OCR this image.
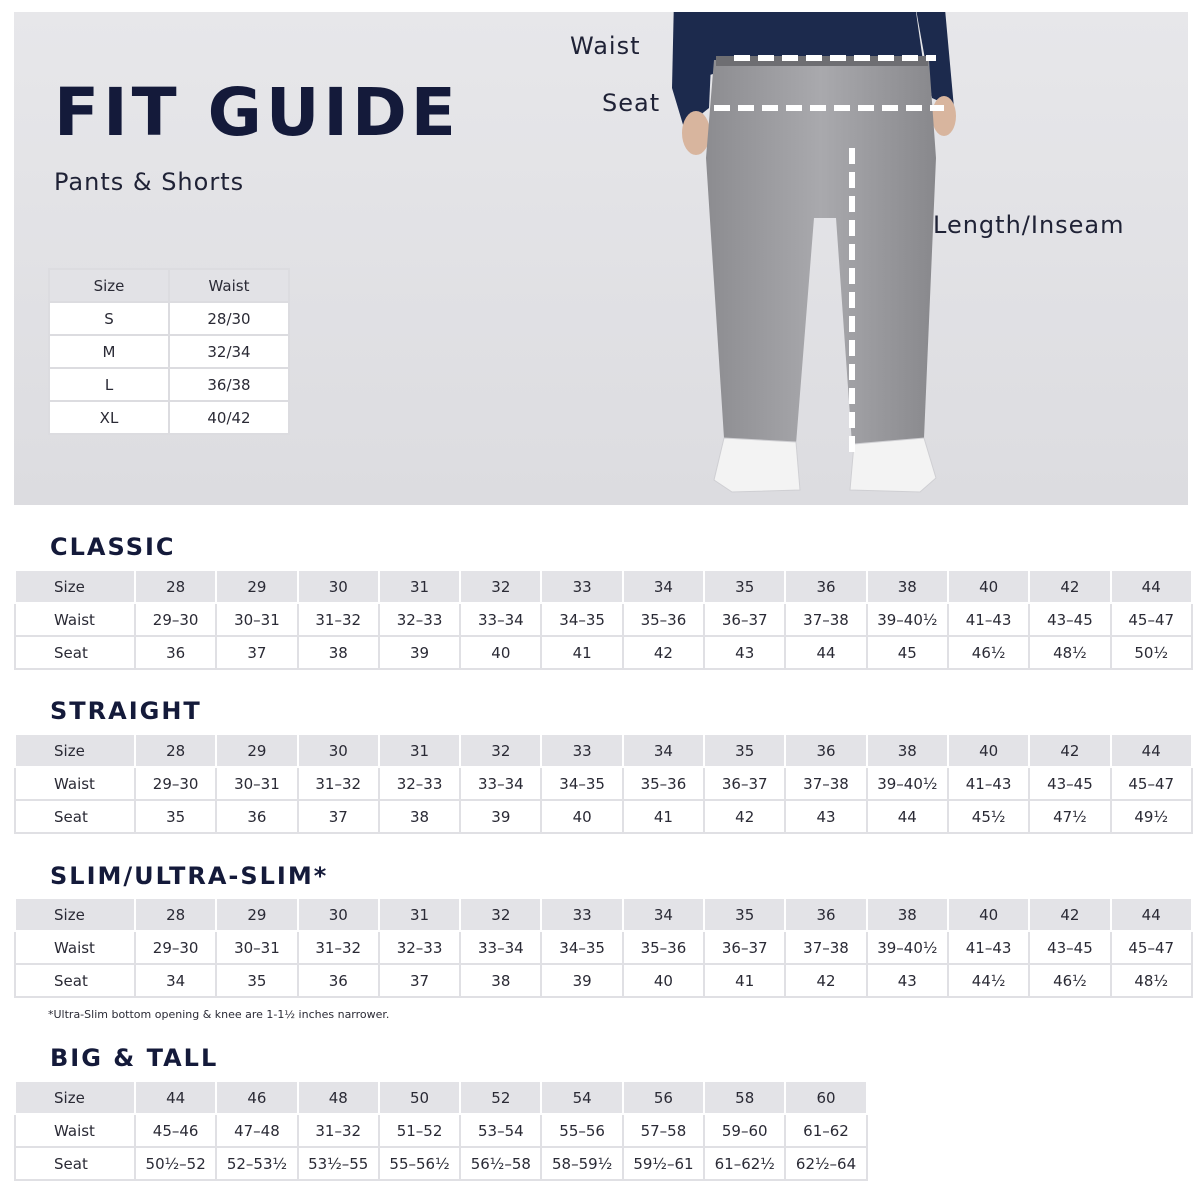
FIT GUIDE
Pants & Shorts
Size	Waist
S	28/30
M	32/34
L	36/38
XL	40/42
Waist
Seat
Length/Inseam
CLASSIC
Size	28	29	30	31	32	33	34	35	36	38	40	42	44
Waist	29–30	30–31	31–32	32–33	33–34	34–35	35–36	36–37	37–38	39–40½	41–43	43–45	45–47
Seat	36	37	38	39	40	41	42	43	44	45	46½	48½	50½
STRAIGHT
Size	28	29	30	31	32	33	34	35	36	38	40	42	44
Waist	29–30	30–31	31–32	32–33	33–34	34–35	35–36	36–37	37–38	39–40½	41–43	43–45	45–47
Seat	35	36	37	38	39	40	41	42	43	44	45½	47½	49½
SLIM/ULTRA-SLIM*
Size	28	29	30	31	32	33	34	35	36	38	40	42	44
Waist	29–30	30–31	31–32	32–33	33–34	34–35	35–36	36–37	37–38	39–40½	41–43	43–45	45–47
Seat	34	35	36	37	38	39	40	41	42	43	44½	46½	48½
*Ultra-Slim bottom opening & knee are 1-1½ inches narrower.
BIG & TALL
Size	44	46	48	50	52	54	56	58	60
Waist	45–46	47–48	31–32	51–52	53–54	55–56	57–58	59–60	61–62
Seat	50½–52	52–53½	53½–55	55–56½	56½–58	58–59½	59½–61	61–62½	62½–64
